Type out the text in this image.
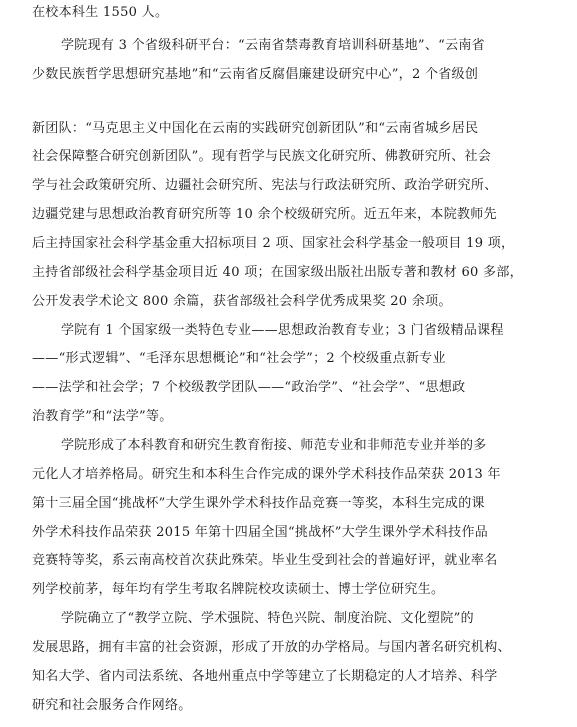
在校本科生 1550 人。
学院现有 3 个省级科研平台：“云南省禁毒教育培训科研基地”、“云南省
少数民族哲学思想研究基地”和“云南省反腐倡廉建设研究中心”，2 个省级创
新团队：“马克思主义中国化在云南的实践研究创新团队”和“云南省城乡居民
社会保障整合研究创新团队”。现有哲学与民族文化研究所、佛教研究所、社会
学与社会政策研究所、边疆社会研究所、宪法与行政法研究所、政治学研究所、
边疆党建与思想政治教育研究所等 10 余个校级研究所。近五年来，本院教师先
后主持国家社会科学基金重大招标项目 2 项、国家社会科学基金一般项目 19 项，
主持省部级社会科学基金项目近 40 项；在国家级出版社出版专著和教材 60 多部，
公开发表学术论文 800 余篇，获省部级社会科学优秀成果奖 20 余项。
学院有 1 个国家级一类特色专业——思想政治教育专业；3 门省级精品课程
——“形式逻辑”、“毛泽东思想概论”和“社会学”；2 个校级重点新专业
——法学和社会学；7 个校级教学团队——“政治学”、“社会学”、“思想政
治教育学”和“法学”等。
学院形成了本科教育和研究生教育衔接、师范专业和非师范专业并举的多
元化人才培养格局。研究生和本科生合作完成的课外学术科技作品荣获 2013 年
第十三届全国“挑战杯”大学生课外学术科技作品竞赛一等奖，本科生完成的课
外学术科技作品荣获 2015 年第十四届全国“挑战杯”大学生课外学术科技作品
竞赛特等奖，系云南高校首次获此殊荣。毕业生受到社会的普遍好评，就业率名
列学校前茅，每年均有学生考取名牌院校攻读硕士、博士学位研究生。
学院确立了“教学立院、学术强院、特色兴院、制度治院、文化塑院”的
发展思路，拥有丰富的社会资源，形成了开放的办学格局。与国内著名研究机构、
知名大学、省内司法系统、各地州重点中学等建立了长期稳定的人才培养、科学
研究和社会服务合作网络。
